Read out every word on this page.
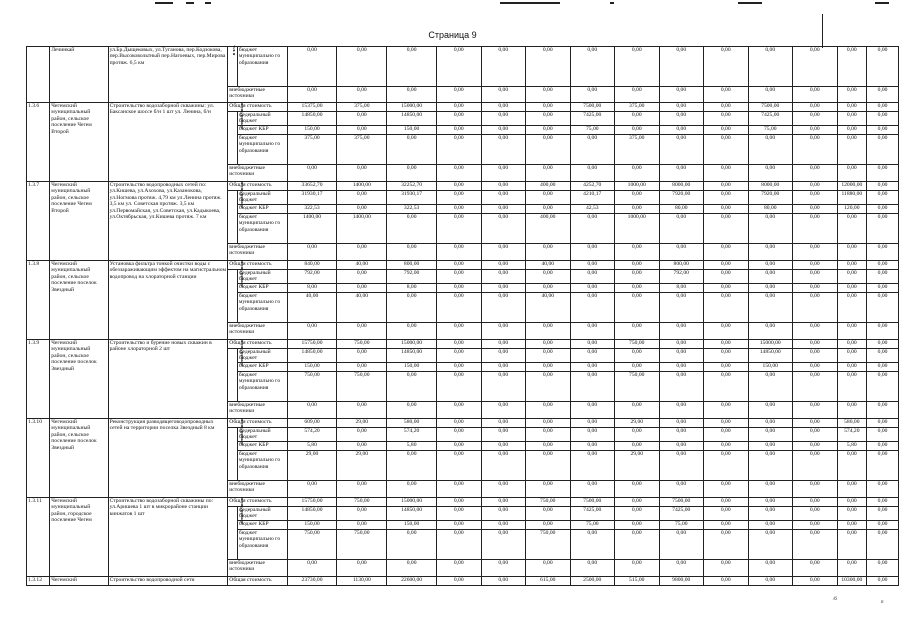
Страница 9
	Лечинкай	ул.Бр.Дыщековых, ул.Туганова, пер.Кодзокова, пер.Высоковольтный пер.Нагоевых, пер.Мирова протяж. 6,5 км	в т.ч.	бюджет муниципально го образования	0,00	0,00	0,00	0,00	0,00	0,00	0,00	0,00	0,00	0,00	0,00	0,00	0,00	0,00
			внебюджетные источники		0,00	0,00	0,00	0,00	0,00	0,00	0,00	0,00	0,00	0,00	0,00	0,00	0,00	0,00
1.3.6	Чегемский муниципальный район, сельское поселение Чегем Второй	Строительство водозаборной скважины: ул. Баксанское шоссе б/н 1 шт ул. Ленина, б/н	Общая стоимость		15375,00	375,00	15000,00	0,00	0,00	0,00	7500,00	375,00	0,00	0,00	7500,00	0,00	0,00	0,00
			в томи числе	федеральный бюджет	14850,00	0,00	14850,00	0,00	0,00	0,00	7425,00	0,00	0,00	0,00	7425,00	0,00	0,00	0,00
				бюджет КБР	150,00	0,00	150,00	0,00	0,00	0,00	75,00	0,00	0,00	0,00	75,00	0,00	0,00	0,00
				бюджет муниципально го образования	375,00	375,00	0,00	0,00	0,00	0,00	0,00	375,00	0,00	0,00	0,00	0,00	0,00	0,00
			внебюджетные источники		0,00	0,00	0,00	0,00	0,00	0,00	0,00	0,00	0,00	0,00	0,00	0,00	0,00	0,00
1.3.7	Чегемский муниципальный район, сельское поселение Чегем Второй	Строительство водопроводных сетей по: ул.Кишева, ул.Ахохова, ул.Казанокова, ул.Ногмова протяж. 4,79 км ул.Ленина протяж. 3,5 км ул. Советская протяж. 3,5 км ул.Первомайская, ул.Советская, ул.Кадыкоева, ул.Октябрьская, ул.Кишева протяж. 7 км	Общая стоимость		33652,70	1400,00	32252,70	0,00	0,00	400,00	4252,70	1000,00	8000,00	0,00	8000,00	0,00	12000,00	0,00
			в томи числе	федеральный бюджет	31930,17	0,00	31930,17	0,00	0,00	0,00	4210,17	0,00	7920,00	0,00	7920,00	0,00	11880,00	0,00
				бюджет КБР	322,53	0,00	322,53	0,00	0,00	0,00	42,53	0,00	80,00	0,00	80,00	0,00	120,00	0,00
				бюджет муниципально го образования	1400,00	1400,00	0,00	0,00	0,00	400,00	0,00	1000,00	0,00	0,00	0,00	0,00	0,00	0,00
			внебюджетные источники		0,00	0,00	0,00	0,00	0,00	0,00	0,00	0,00	0,00	0,00	0,00	0,00	0,00	0,00
1.3.8	Чегемский муниципальный район, сельское поселение поселок Звездный	Установка фильтра тонкой очистки воды с обеззараживающим эффектом на магистральном водопровод на хлораторной станции	Общая стоимость		840,00	40,00	800,00	0,00	0,00	40,00	0,00	0,00	800,00	0,00	0,00	0,00	0,00	0,00
			в томи числе	федеральный бюджет	792,00	0,00	792,00	0,00	0,00	0,00	0,00	0,00	792,00	0,00	0,00	0,00	0,00	0,00
				бюджет КБР	8,00	0,00	8,00	0,00	0,00	0,00	0,00	0,00	8,00	0,00	0,00	0,00	0,00	0,00
				бюджет муниципально го образования	40,00	40,00	0,00	0,00	0,00	40,00	0,00	0,00	0,00	0,00	0,00	0,00	0,00	0,00
			внебюджетные источники		0,00	0,00	0,00	0,00	0,00	0,00	0,00	0,00	0,00	0,00	0,00	0,00	0,00	0,00
1.3.9	Чегемский муниципальный район, сельское поселение поселок Звездный	Строительство и бурение новых скважин в районе хлораторной 2 шт	Общая стоимость		15750,00	750,00	15000,00	0,00	0,00	0,00	0,00	750,00	0,00	0,00	15000,00	0,00	0,00	0,00
			в томи числе	федеральный бюджет	14850,00	0,00	14850,00	0,00	0,00	0,00	0,00	0,00	0,00	0,00	14850,00	0,00	0,00	0,00
				бюджет КБР	150,00	0,00	150,00	0,00	0,00	0,00	0,00	0,00	0,00	0,00	150,00	0,00	0,00	0,00
				бюджет муниципально го образования	750,00	750,00	0,00	0,00	0,00	0,00	0,00	750,00	0,00	0,00	0,00	0,00	0,00	0,00
			внебюджетные источники		0,00	0,00	0,00	0,00	0,00	0,00	0,00	0,00	0,00	0,00	0,00	0,00	0,00	0,00
1.3.10	Чегемский муниципальный район, сельское поселение поселок Звездный	Реконструкция разводящеговодопроводных сетей на территории поселка Звездный 8 км	Общая стоимость		609,00	29,00	580,00	0,00	0,00	0,00	0,00	29,00	0,00	0,00	0,00	0,00	580,00	0,00
			в томи числе	федеральный бюджет	574,20	0,00	574,20	0,00	0,00	0,00	0,00	0,00	0,00	0,00	0,00	0,00	574,20	0,00
				бюджет КБР	5,80	0,00	5,80	0,00	0,00	0,00	0,00	0,00	0,00	0,00	0,00	0,00	5,80	0,00
				бюджет муниципально го образования	29,00	29,00	0,00	0,00	0,00	0,00	0,00	29,00	0,00	0,00	0,00	0,00	0,00	0,00
			внебюджетные источники		0,00	0,00	0,00	0,00	0,00	0,00	0,00	0,00	0,00	0,00	0,00	0,00	0,00	0,00
1.3.11	Чегемский муниципальный район, городское поселение Чегем	Строительство водозаборной скважины по: ул.Аришева 1 шт в микрорайоне станции кинжатов 1 шт	Общая стоимость		15750,00	750,00	15000,00	0,00	0,00	750,00	7500,00	0,00	7500,00	0,00	0,00	0,00	0,00	0,00
			в томи числе	федеральный бюджет	14850,00	0,00	14850,00	0,00	0,00	0,00	7425,00	0,00	7425,00	0,00	0,00	0,00	0,00	0,00
				бюджет КБР	150,00	0,00	150,00	0,00	0,00	0,00	75,00	0,00	75,00	0,00	0,00	0,00	0,00	0,00
				бюджет муниципально го образования	750,00	750,00	0,00	0,00	0,00	750,00	0,00	0,00	0,00	0,00	0,00	0,00	0,00	0,00
			внебюджетные источники		0,00	0,00	0,00	0,00	0,00	0,00	0,00	0,00	0,00	0,00	0,00	0,00	0,00	0,00
1.3.12	Чегемский	Строительство водопроводной сети	Общая стоимость		23730,00	1130,00	22600,00	0,00	0,00	615,00	2500,00	515,00	9800,00	0,00	0,00	0,00	10300,00	0,00
/6
n
